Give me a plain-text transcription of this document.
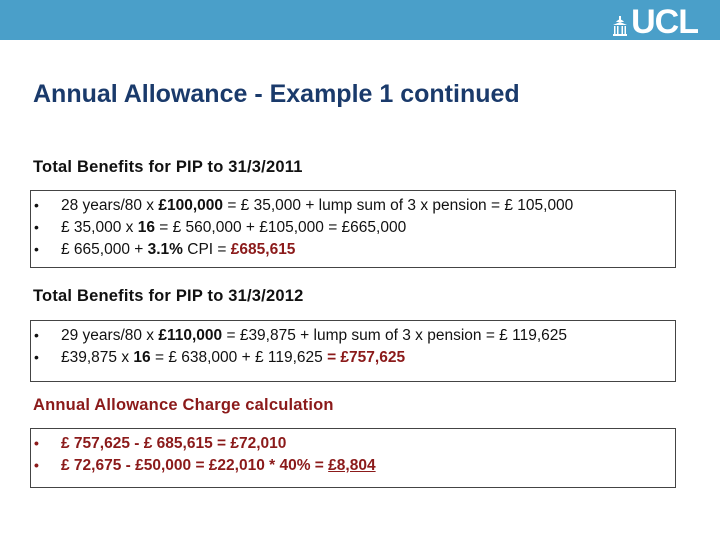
UCL
Annual Allowance - Example 1 continued
Total Benefits for PIP to 31/3/2011
•	28 years/80 x £100,000 = £ 35,000 + lump sum of 3 x pension = £ 105,000
•	£ 35,000 x 16 = £ 560,000 + £105,000 = £665,000
•	£ 665,000 + 3.1% CPI = £685,615
Total Benefits for PIP to 31/3/2012
•	29 years/80 x £110,000 = £39,875 + lump sum of 3 x pension = £ 119,625
•	£39,875 x 16 = £ 638,000 + £ 119,625 = £757,625
Annual Allowance Charge calculation
•	£ 757,625 - £ 685,615 = £72,010
•	£ 72,675 - £50,000 = £22,010 * 40% = £8,804
